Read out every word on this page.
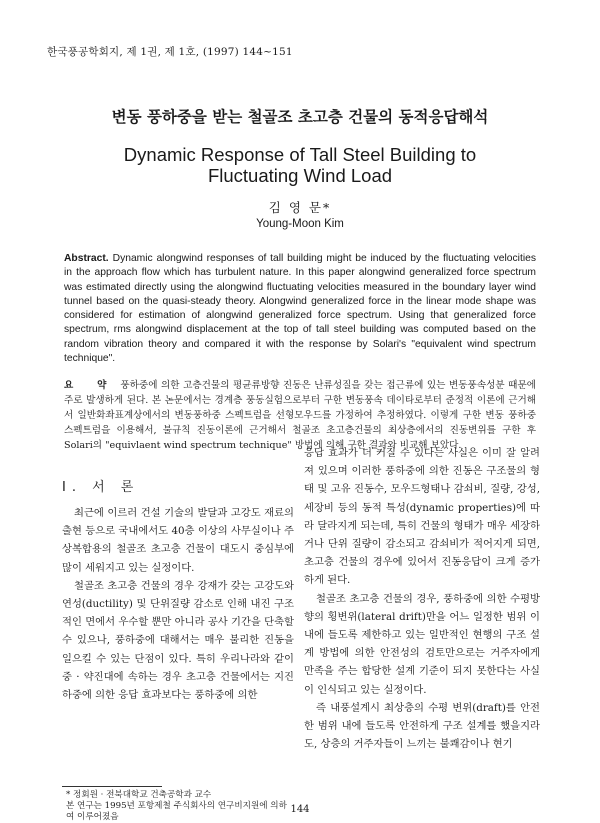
한국풍공학회지, 제 1권, 제 1호, (1997) 144~151
변동 풍하중을 받는 철골조 초고층 건물의 동적응답해석
Dynamic Response of Tall Steel Building to Fluctuating Wind Load
김 영 문*
Young-Moon Kim
Abstract. Dynamic alongwind responses of tall building might be induced by the fluctuating velocities in the approach flow which has turbulent nature. In this paper alongwind generalized force spectrum was estimated directly using the alongwind fluctuating velocities measured in the boundary layer wind tunnel based on the quasi-steady theory. Alongwind generalized force in the linear mode shape was considered for estimation of alongwind generalized force spectrum. Using that generalized force spectrum, rms alongwind displacement at the top of tall steel building was computed based on the random vibration theory and compared it with the response by Solari's "equivalent wind spectrum technique".
요 약 풍하중에 의한 고층건물의 평균류방향 진동은 난류성질을 갖는 접근류에 있는 변동풍속성분 때문에 주로 발생하게 된다. 본 논문에서는 경계층 풍동실험으로부터 구한 변동풍속 데이타로부터 준정적 이론에 근거해서 일반화좌표계상에서의 변동풍하중 스펙트럼을 선형모우드를 가정하여 추정하였다. 이렇게 구한 변동 풍하중 스펙트럼을 이용해서, 불규칙 진동이론에 근거해서 철골조 초고층건물의 최상층에서의 진동변위를 구한 후 Solari의 "equivlaent wind spectrum technique" 방법에 의해 구한 결과와 비교해 보았다.
I. 서 론

최근에 이르러 건설 기술의 발달과 고강도 재료의 출현 등으로 국내에서도 40층 이상의 사무실이나 주상복합용의 철골조 초고층 건물이 대도시 중심부에 많이 세워지고 있는 실정이다.

철골조 초고층 건물의 경우 강재가 갖는 고강도와 연성(ductility) 및 단위질량 감소로 인해 내진 구조적인 면에서 우수할 뿐만 아니라 공사 기간을 단축할 수 있으나, 풍하중에 대해서는 매우 불리한 진동을 일으킬 수 있는 단점이 있다. 특히 우리나라와 같이 중 · 약진대에 속하는 경우 초고층 건물에서는 지진 하중에 의한 응답 효과보다는 풍하중에 의한

응답 효과가 더 커질 수 있다는 사실은 이미 잘 알려져 있으며 이러한 풍하중에 의한 진동은 구조물의 형태 및 고유 진동수, 모우드형태나 감쇠비, 질량, 강성, 세장비 등의 동적 특성(dynamic properties)에 따라 달라지게 되는데, 특히 건물의 형태가 매우 세장하거나 단위 질량이 감소되고 감쇠비가 적어지게 되면, 초고층 건물의 경우에 있어서 진동응답이 크게 증가하게 된다.

철골조 초고층 건물의 경우, 풍하중에 의한 수평방향의 횡변위(lateral drift)만을 어느 일정한 범위 이내에 들도록 제한하고 있는 일반적인 현행의 구조 설계 방법에 의한 안전성의 검토만으로는 거주자에게 만족을 주는 합당한 설계 기준이 되지 못한다는 사실이 인식되고 있는 실정이다.

즉 내풍설계시 최상층의 수평 변위(draft)를 안전한 범위 내에 들도록 안전하게 구조 설계를 했을지라도, 상층의 거주자들이 느끼는 불쾌감이나 현기

* 정회원 · 전북대학교 건축공학과 교수
본 연구는 1995년 포항제철 주식회사의 연구비지원에 의하여 이루어졌음
144
